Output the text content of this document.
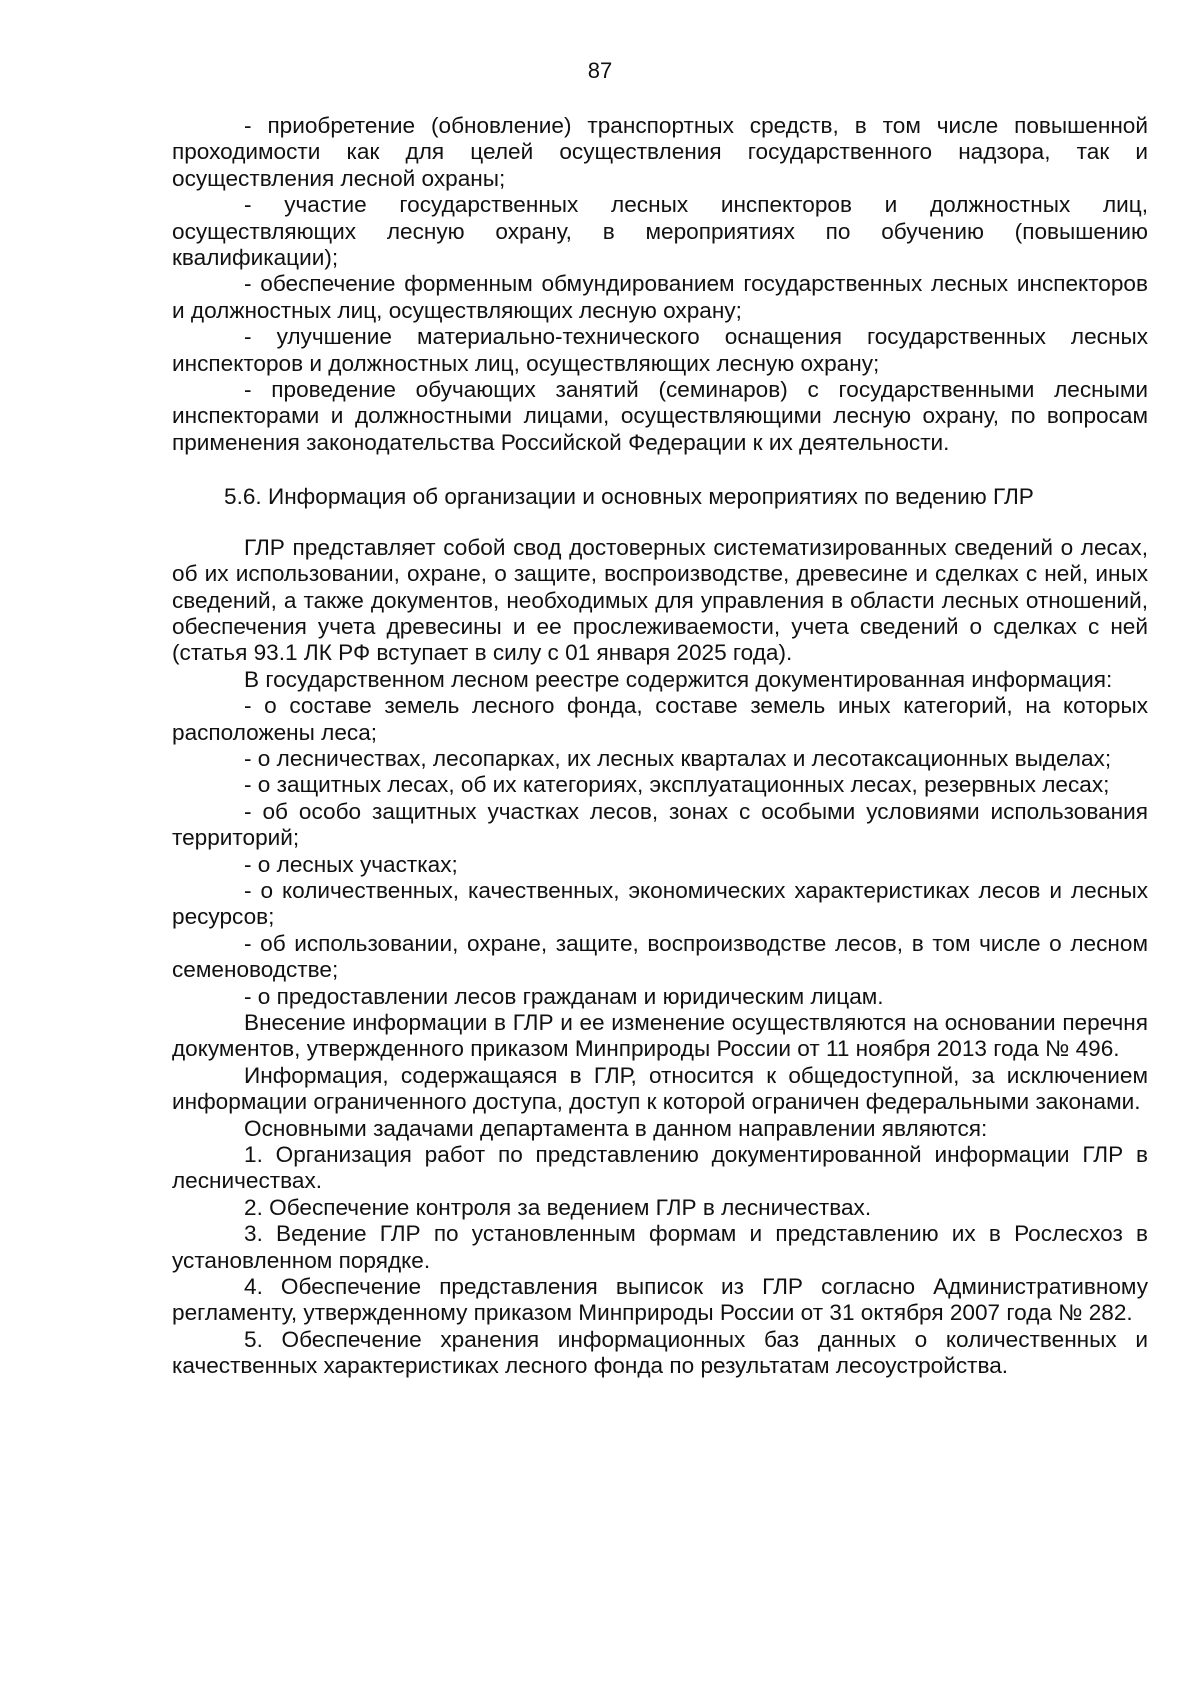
87

- приобретение (обновление) транспортных средств, в том числе повышенной проходимости как для целей осуществления государственного надзора, так и осуществления лесной охраны;

- участие государственных лесных инспекторов и должностных лиц, осуществляющих лесную охрану, в мероприятиях по обучению (повышению квалификации);

- обеспечение форменным обмундированием государственных лесных инспекторов и должностных лиц, осуществляющих лесную охрану;

- улучшение материально-технического оснащения государственных лесных инспекторов и должностных лиц, осуществляющих лесную охрану;

- проведение обучающих занятий (семинаров) с государственными лесными инспекторами и должностными лицами, осуществляющими лесную охрану, по вопросам применения законодательства Российской Федерации к их деятельности.

5.6. Информация об организации и основных мероприятиях по ведению ГЛР

ГЛР представляет собой свод достоверных систематизированных сведений о лесах, об их использовании, охране, о защите, воспроизводстве, древесине и сделках с ней, иных сведений, а также документов, необходимых для управления в области лесных отношений, обеспечения учета древесины и ее прослеживаемости, учета сведений о сделках с ней (статья 93.1 ЛК РФ вступает в силу с 01 января 2025 года).

В государственном лесном реестре содержится документированная информация:

- о составе земель лесного фонда, составе земель иных категорий, на которых расположены леса;

- о лесничествах, лесопарках, их лесных кварталах и лесотаксационных выделах;

- о защитных лесах, об их категориях, эксплуатационных лесах, резервных лесах;

- об особо защитных участках лесов, зонах с особыми условиями использования территорий;

- о лесных участках;

- о количественных, качественных, экономических характеристиках лесов и лесных ресурсов;

- об использовании, охране, защите, воспроизводстве лесов, в том числе о лесном семеноводстве;

- о предоставлении лесов гражданам и юридическим лицам.

Внесение информации в ГЛР и ее изменение осуществляются на основании перечня документов, утвержденного приказом Минприроды России от 11 ноября 2013 года № 496.

Информация, содержащаяся в ГЛР, относится к общедоступной, за исключением информации ограниченного доступа, доступ к которой ограничен федеральными законами.

Основными задачами департамента в данном направлении являются:

1. Организация работ по представлению документированной информации ГЛР в лесничествах.

2. Обеспечение контроля за ведением ГЛР в лесничествах.

3. Ведение ГЛР по установленным формам и представлению их в Рослесхоз в установленном порядке.

4. Обеспечение представления выписок из ГЛР согласно Административному регламенту, утвержденному приказом Минприроды России от 31 октября 2007 года № 282.

5. Обеспечение хранения информационных баз данных о количественных и качественных характеристиках лесного фонда по результатам лесоустройства.
